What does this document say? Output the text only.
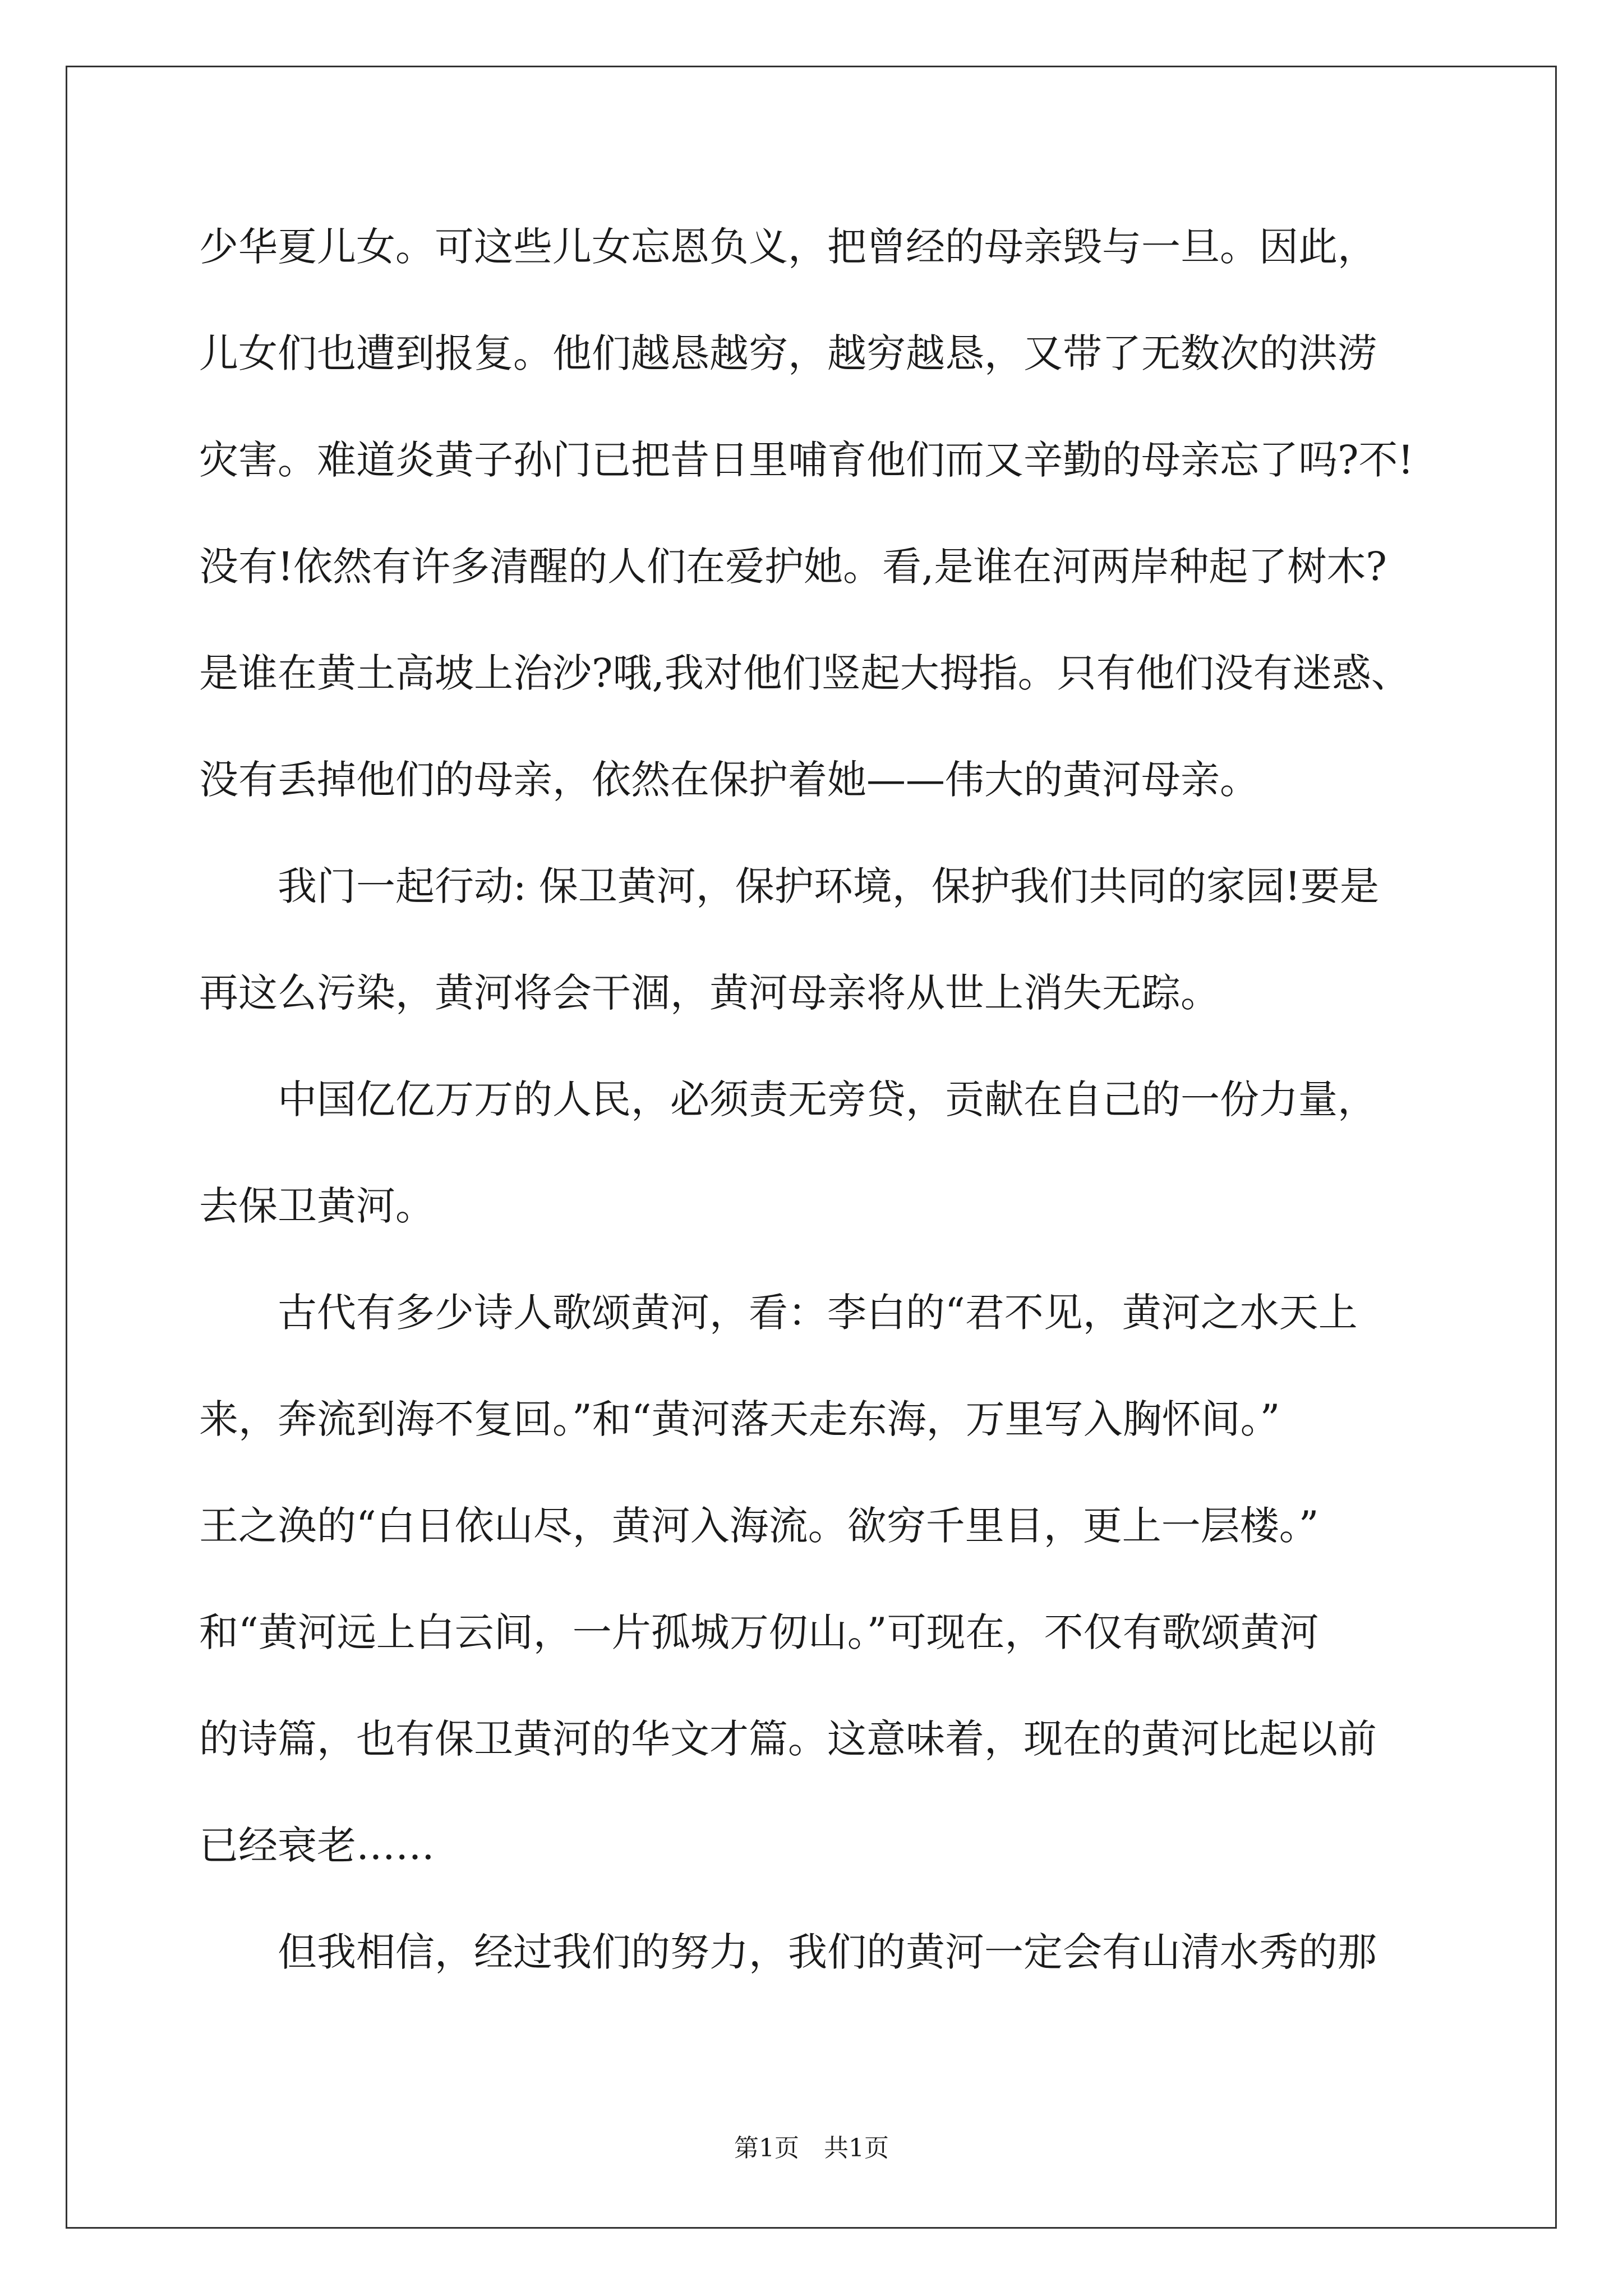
少华夏儿女。可这些儿女忘恩负义，把曾经的母亲毁与一旦。因此，
儿女们也遭到报复。他们越恳越穷，越穷越恳，又带了无数次的洪涝
灾害。难道炎黄子孙门已把昔日里哺育他们而又辛勤的母亲忘了吗?不!
没有!依然有许多清醒的人们在爱护她。看,是谁在河两岸种起了树木?
是谁在黄土高坡上治沙?哦,我对他们竖起大拇指。只有他们没有迷惑、
没有丢掉他们的母亲，依然在保护着她——伟大的黄河母亲。
　　我门一起行动: 保卫黄河，保护环境，保护我们共同的家园!要是
再这么污染，黄河将会干涸，黄河母亲将从世上消失无踪。
　　中国亿亿万万的人民，必须责无旁贷，贡献在自己的一份力量，
去保卫黄河。
　　古代有多少诗人歌颂黄河，看：李白的“君不见，黄河之水天上
来，奔流到海不复回。”和“黄河落天走东海，万里写入胸怀间。”
王之涣的“白日依山尽，黄河入海流。欲穷千里目，更上一层楼。”
和“黄河远上白云间，一片孤城万仞山。”可现在，不仅有歌颂黄河
的诗篇，也有保卫黄河的华文才篇。这意味着，现在的黄河比起以前
已经衰老……
　　但我相信，经过我们的努力，我们的黄河一定会有山清水秀的那
第1页　共1页
